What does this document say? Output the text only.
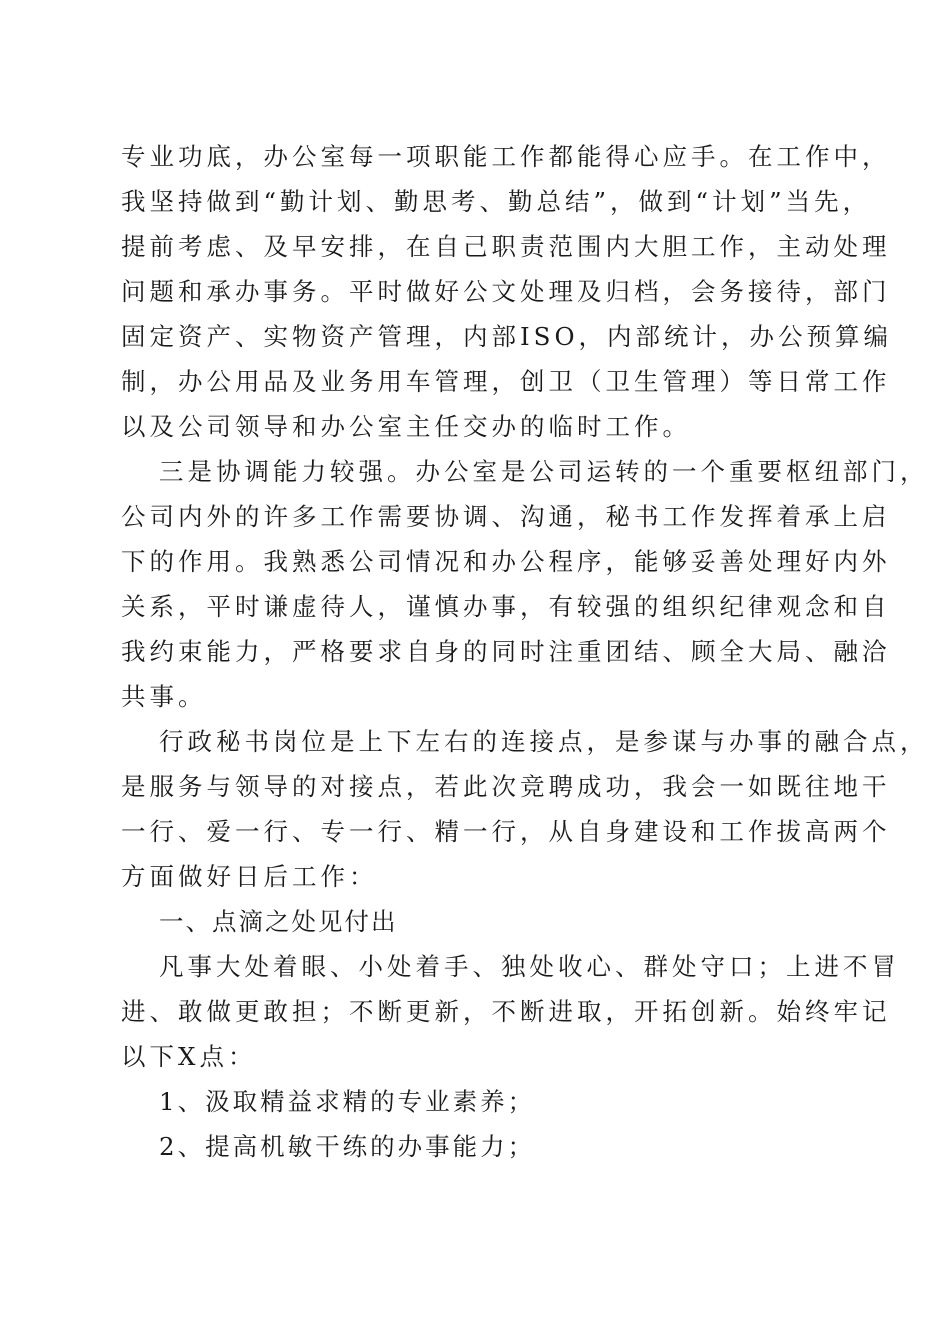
专业功底，办公室每一项职能工作都能得心应手。在工作中，
我坚持做到“勤计划、勤思考、勤总结”，做到“计划”当先，
提前考虑、及早安排，在自己职责范围内大胆工作，主动处理
问题和承办事务。平时做好公文处理及归档，会务接待，部门
固定资产、实物资产管理，内部ISO，内部统计，办公预算编
制，办公用品及业务用车管理，创卫（卫生管理）等日常工作
以及公司领导和办公室主任交办的临时工作。
三是协调能力较强。办公室是公司运转的一个重要枢纽部门，
公司内外的许多工作需要协调、沟通，秘书工作发挥着承上启
下的作用。我熟悉公司情况和办公程序，能够妥善处理好内外
关系，平时谦虚待人，谨慎办事，有较强的组织纪律观念和自
我约束能力，严格要求自身的同时注重团结、顾全大局、融洽
共事。
行政秘书岗位是上下左右的连接点，是参谋与办事的融合点，
是服务与领导的对接点，若此次竞聘成功，我会一如既往地干
一行、爱一行、专一行、精一行，从自身建设和工作拔高两个
方面做好日后工作：
一、点滴之处见付出
凡事大处着眼、小处着手、独处收心、群处守口；上进不冒
进、敢做更敢担；不断更新，不断进取，开拓创新。始终牢记
以下X点：
1、汲取精益求精的专业素养；
2、提高机敏干练的办事能力；
